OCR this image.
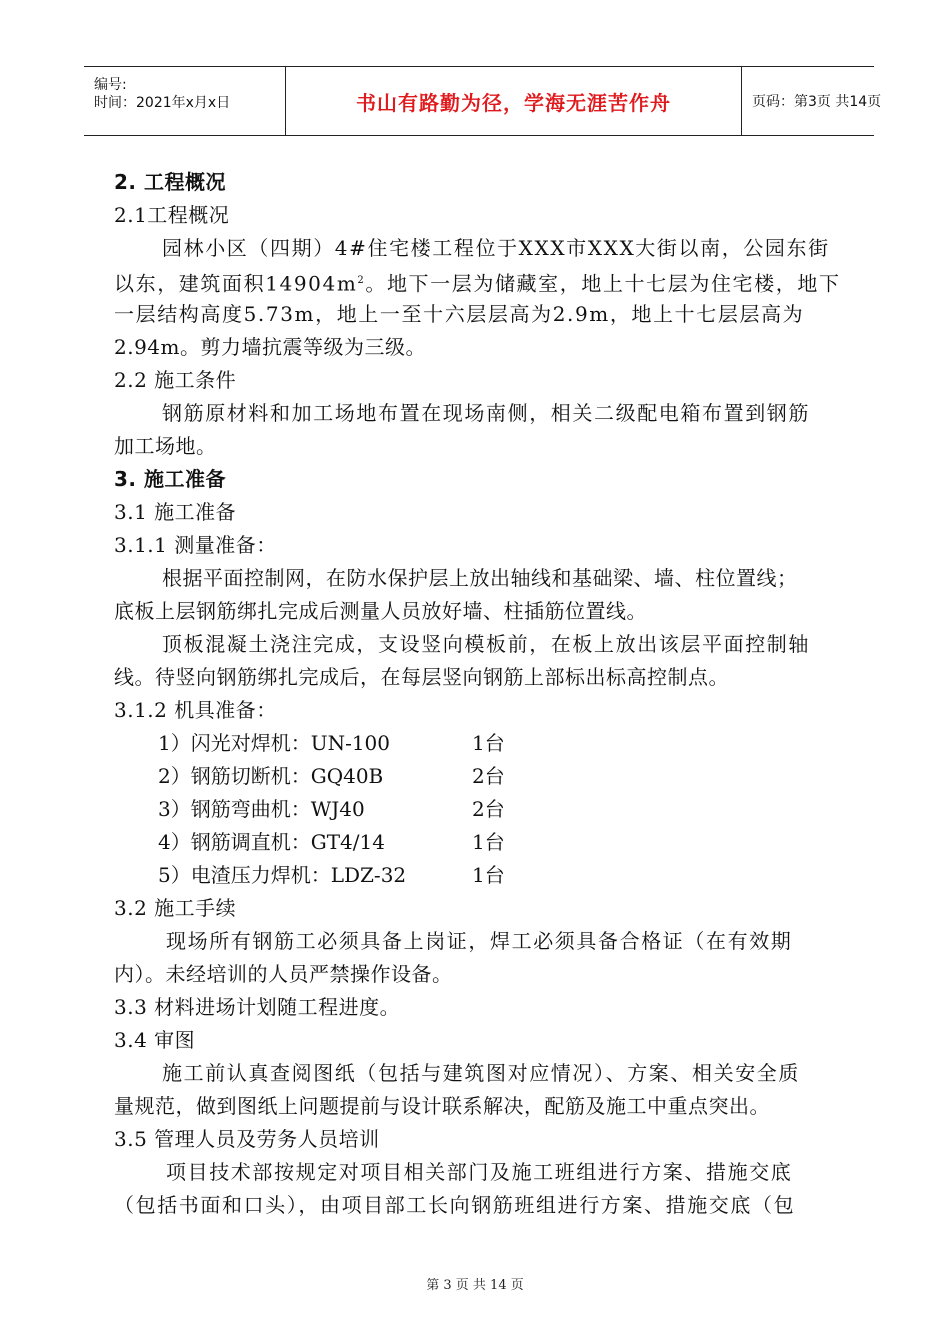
编号:
时间：2021年x月x日	书山有路勤为径，学海无涯苦作舟	页码：第3页 共14页
2. 工程概况
2.1工程概况
园林小区（四期）4#住宅楼工程位于XXX市XXX大街以南，公园东街
以东，建筑面积$14904m^2$。地下一层为储藏室，地上十七层为住宅楼，地下
一层结构高度5.73m，地上一至十六层层高为2.9m，地上十七层层高为
2.94m。剪力墙抗震等级为三级。
2.2 施工条件
钢筋原材料和加工场地布置在现场南侧，相关二级配电箱布置到钢筋
加工场地。
3. 施工准备
3.1 施工准备
3.1.1 测量准备：
根据平面控制网，在防水保护层上放出轴线和基础梁、墙、柱位置线；
底板上层钢筋绑扎完成后测量人员放好墙、柱插筋位置线。
顶板混凝土浇注完成，支设竖向模板前，在板上放出该层平面控制轴
线。待竖向钢筋绑扎完成后，在每层竖向钢筋上部标出标高控制点。
3.1.2 机具准备：
1）闪光对焊机：UN-100	1台
2）钢筋切断机：GQ40B	2台
3）钢筋弯曲机：WJ40	2台
4）钢筋调直机：GT4/14	1台
5）电渣压力焊机：LDZ-32	1台
3.2 施工手续
现场所有钢筋工必须具备上岗证，焊工必须具备合格证（在有效期
内）。未经培训的人员严禁操作设备。
3.3 材料进场计划随工程进度。
3.4 审图
施工前认真查阅图纸（包括与建筑图对应情况）、方案、相关安全质
量规范，做到图纸上问题提前与设计联系解决，配筋及施工中重点突出。
3.5 管理人员及劳务人员培训
项目技术部按规定对项目相关部门及施工班组进行方案、措施交底
（包括书面和口头），由项目部工长向钢筋班组进行方案、措施交底（包
第 3 页 共 14 页
